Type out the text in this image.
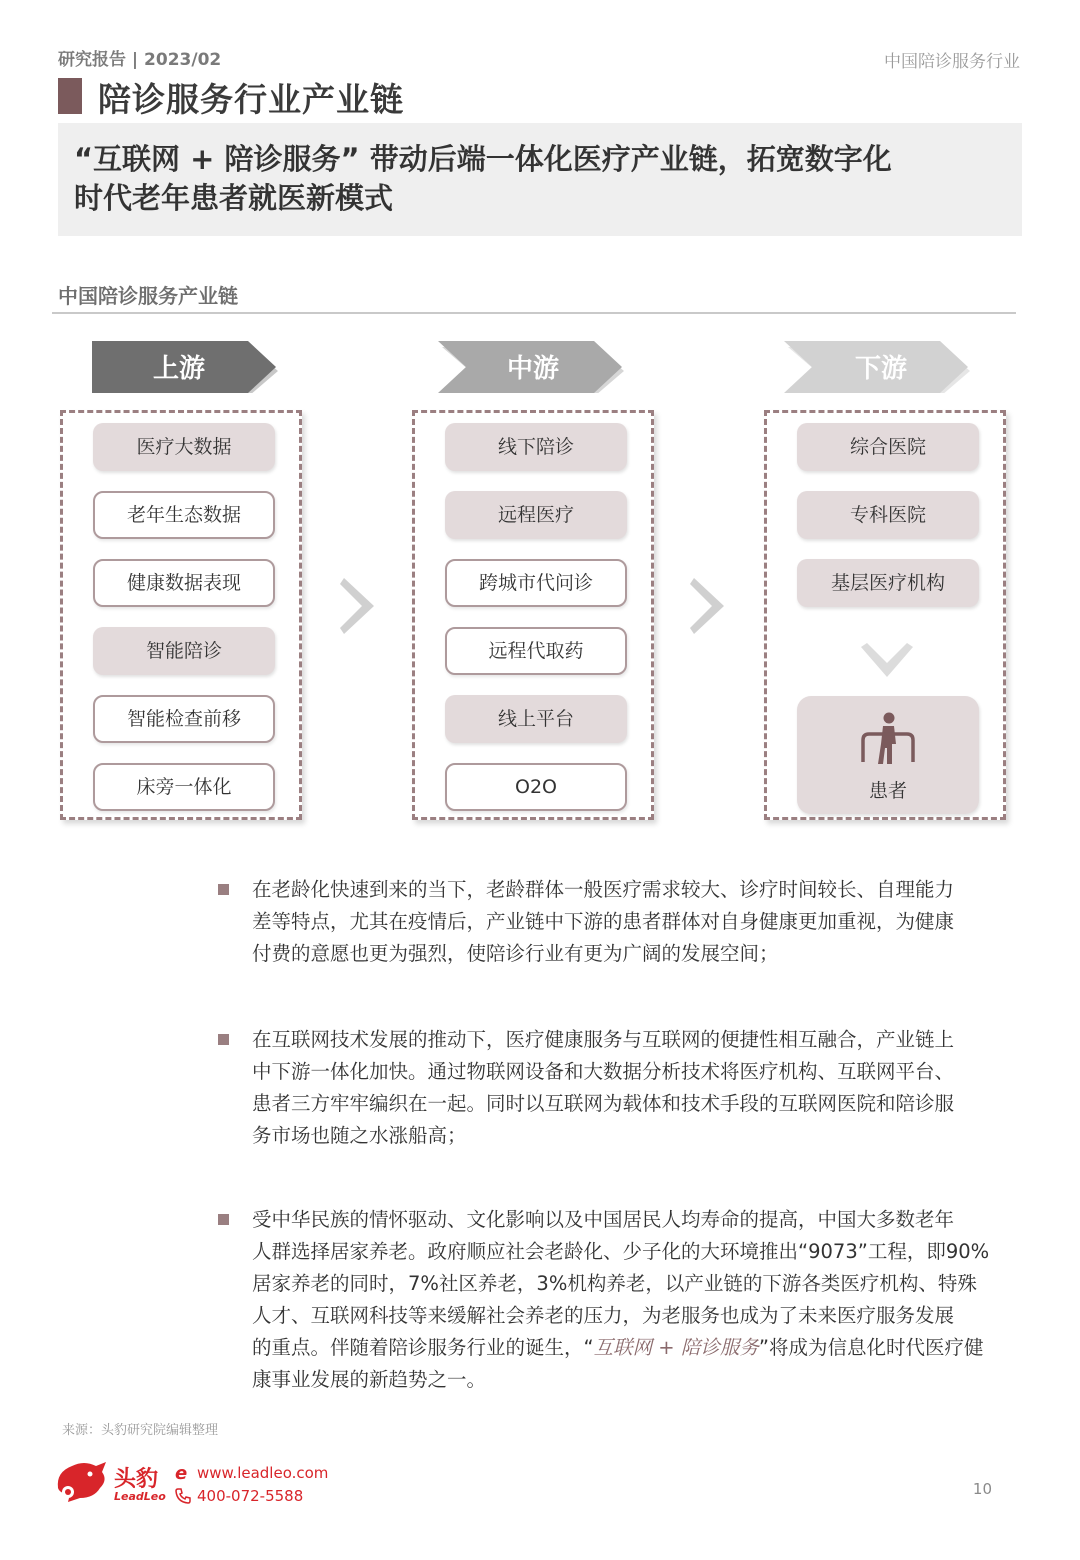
研究报告 | 2023/02	中国陪诊服务行业
陪诊服务行业产业链
“互联网 + 陪诊服务” 带动后端一体化医疗产业链，拓宽数字化
时代老年患者就医新模式
中国陪诊服务产业链
上游	中游	下游
医疗大数据
老年生态数据
健康数据表现
智能陪诊
智能检查前移
床旁一体化
线下陪诊
远程医疗
跨城市代问诊
远程代取药
线上平台
O2O
综合医院
专科医院
基层医疗机构
患者
在老龄化快速到来的当下，老龄群体一般医疗需求较大、诊疗时间较长、自理能力
差等特点，尤其在疫情后，产业链中下游的患者群体对自身健康更加重视，为健康
付费的意愿也更为强烈，使陪诊行业有更为广阔的发展空间；
在互联网技术发展的推动下，医疗健康服务与互联网的便捷性相互融合，产业链上
中下游一体化加快。通过物联网设备和大数据分析技术将医疗机构、互联网平台、
患者三方牢牢编织在一起。同时以互联网为载体和技术手段的互联网医院和陪诊服
务市场也随之水涨船高；
受中华民族的情怀驱动、文化影响以及中国居民人均寿命的提高，中国大多数老年
人群选择居家养老。政府顺应社会老龄化、少子化的大环境推出“9073”工程，即90%
居家养老的同时，7%社区养老，3%机构养老，以产业链的下游各类医疗机构、特殊
人才、互联网科技等来缓解社会养老的压力，为老服务也成为了未来医疗服务发展
的重点。伴随着陪诊服务行业的诞生，“互联网 + 陪诊服务”将成为信息化时代医疗健
康事业发展的新趋势之一。
来源：头豹研究院编辑整理
头豹
LeadLeo
e www.leadleo.com
400-072-5588	10
